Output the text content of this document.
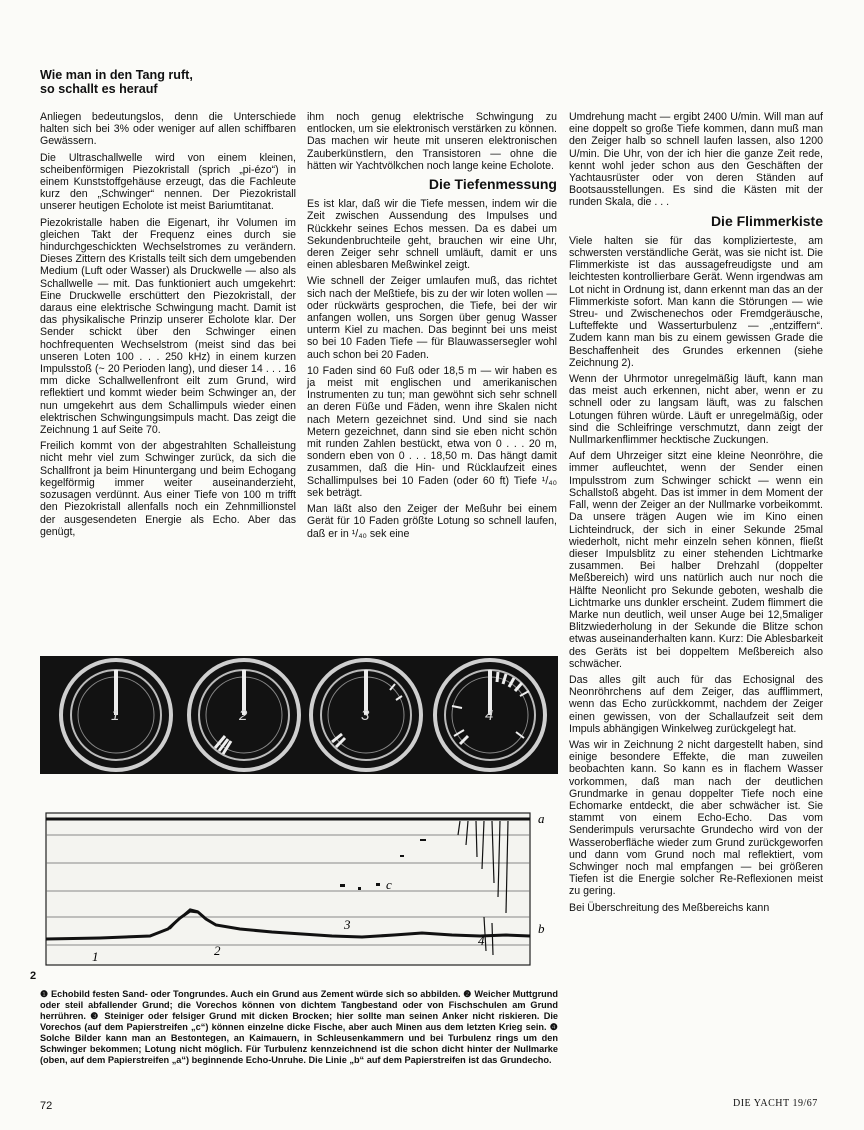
Wie man in den Tang ruft,
so schallt es herauf

Anliegen bedeutungslos, denn die Unterschiede halten sich bei 3% oder weniger auf allen schiffbaren Gewässern.

Die Ultraschallwelle wird von einem kleinen, scheibenförmigen Piezokristall (sprich „pi-ézo“) in einem Kunststoffgehäuse erzeugt, das die Fachleute kurz den „Schwinger“ nennen. Der Piezokristall unserer heutigen Echolote ist meist Bariumtitanat.

Piezokristalle haben die Eigenart, ihr Volumen im gleichen Takt der Frequenz eines durch sie hindurchgeschickten Wechselstromes zu verändern. Dieses Zittern des Kristalls teilt sich dem umgebenden Medium (Luft oder Wasser) als Druckwelle — also als Schallwelle — mit. Das funktioniert auch umgekehrt: Eine Druckwelle erschüttert den Piezokristall, der daraus eine elektrische Schwingung macht. Damit ist das physikalische Prinzip unserer Echolote klar. Der Sender schickt über den Schwinger einen hochfrequenten Wechselstrom (meist sind das bei unseren Loten 100 . . . 250 kHz) in einem kurzen Impulsstoß (~ 20 Perioden lang), und dieser 14 . . . 16 mm dicke Schallwellenfront eilt zum Grund, wird reflektiert und kommt wieder beim Schwinger an, der nun umgekehrt aus dem Schallimpuls wieder einen elektrischen Schwingungsimpuls macht. Das zeigt die Zeichnung 1 auf Seite 70.

Freilich kommt von der abgestrahlten Schalleistung nicht mehr viel zum Schwinger zurück, da sich die Schallfront ja beim Hinuntergang und beim Echogang kegelförmig immer weiter auseinanderzieht, sozusagen verdünnt. Aus einer Tiefe von 100 m trifft den Piezokristall allenfalls noch ein Zehnmillionstel der ausgesendeten Energie als Echo. Aber das genügt,

ihm noch genug elektrische Schwingung zu entlocken, um sie elektronisch verstärken zu können. Das machen wir heute mit unseren elektronischen Zauberkünstlern, den Transistoren — ohne die hätten wir Yachtvölkchen noch lange keine Echolote.

Die Tiefenmessung

Es ist klar, daß wir die Tiefe messen, indem wir die Zeit zwischen Aussendung des Impulses und Rückkehr seines Echos messen. Da es dabei um Sekundenbruchteile geht, brauchen wir eine Uhr, deren Zeiger sehr schnell umläuft, damit er uns einen ablesbaren Meßwinkel zeigt.

Wie schnell der Zeiger umlaufen muß, das richtet sich nach der Meßtiefe, bis zu der wir loten wollen — oder rückwärts gesprochen, die Tiefe, bei der wir anfangen wollen, uns Sorgen über genug Wasser unterm Kiel zu machen. Das beginnt bei uns meist so bei 10 Faden Tiefe — für Blauwassersegler wohl auch schon bei 20 Faden.

10 Faden sind 60 Fuß oder 18,5 m — wir haben es ja meist mit englischen und amerikanischen Instrumenten zu tun; man gewöhnt sich sehr schnell an deren Füße und Fäden, wenn ihre Skalen nicht nach Metern gezeichnet sind. Und sind sie nach Metern gezeichnet, dann sind sie eben nicht schön mit runden Zahlen bestückt, etwa von 0 . . . 20 m, sondern eben von 0 . . . 18,50 m. Das hängt damit zusammen, daß die Hin- und Rücklaufzeit eines Schallimpulses bei 10 Faden (oder 60 ft) Tiefe ¹/₄₀ sek beträgt.

Man läßt also den Zeiger der Meßuhr bei einem Gerät für 10 Faden größte Lotung so schnell laufen, daß er in ¹/₄₀ sek eine

Umdrehung macht — ergibt 2400 U/min. Will man auf eine doppelt so große Tiefe kommen, dann muß man den Zeiger halb so schnell laufen lassen, also 1200 U/min. Die Uhr, von der ich hier die ganze Zeit rede, kennt wohl jeder schon aus den Geschäften der Yachtausrüster oder von deren Ständen auf Bootsausstellungen. Es sind die Kästen mit der runden Skala, die . . .

Die Flimmerkiste

Viele halten sie für das komplizierteste, am schwersten verständliche Gerät, was sie nicht ist. Die Flimmerkiste ist das aussagefreudigste und am leichtesten kontrollierbare Gerät. Wenn irgendwas am Lot nicht in Ordnung ist, dann erkennt man das an der Flimmerkiste sofort. Man kann die Störungen — wie Streu- und Zwischenechos oder Fremdgeräusche, Lufteffekte und Wasserturbulenz — „entziffern“. Zudem kann man bis zu einem gewissen Grade die Beschaffenheit des Grundes erkennen (siehe Zeichnung 2).

Wenn der Uhrmotor unregelmäßig läuft, kann man das meist auch erkennen, nicht aber, wenn er zu schnell oder zu langsam läuft, was zu falschen Lotungen führen würde. Läuft er unregelmäßig, oder sind die Schleifringe verschmutzt, dann zeigt der Nullmarkenflimmer hecktische Zuckungen.

Auf dem Uhrzeiger sitzt eine kleine Neonröhre, die immer aufleuchtet, wenn der Sender einen Impulsstrom zum Schwinger schickt — wenn ein Schallstoß abgeht. Das ist immer in dem Moment der Fall, wenn der Zeiger an der Nullmarke vorbeikommt. Da unsere trägen Augen wie im Kino einen Lichteindruck, der sich in einer Sekunde 25mal wiederholt, nicht mehr einzeln sehen können, fließt dieser Impulsblitz zu einer stehenden Lichtmarke zusammen. Bei halber Drehzahl (doppelter Meßbereich) wird uns natürlich auch nur noch die Hälfte Neonlicht pro Sekunde geboten, weshalb die Lichtmarke uns dunkler erscheint. Zudem flimmert die Marke nun deutlich, weil unser Auge bei 12,5maliger Blitzwiederholung in der Sekunde die Blitze schon etwas auseinanderhalten kann. Kurz: Die Ablesbarkeit des Geräts ist bei doppeltem Meßbereich also schwächer.

Das alles gilt auch für das Echosignal des Neonröhrchens auf dem Zeiger, das aufflimmert, wenn das Echo zurückkommt, nachdem der Zeiger einen gewissen, von der Schallaufzeit seit dem Impuls abhängigen Winkelweg zurückgelegt hat.

Was wir in Zeichnung 2 nicht dargestellt haben, sind einige besondere Effekte, die man zuweilen beobachten kann. So kann es in flachem Wasser vorkommen, daß man nach der deutlichen Grundmarke in genau doppelter Tiefe noch eine Echomarke entdeckt, die aber schwächer ist. Sie stammt von einem Echo-Echo. Das vom Senderimpuls verursachte Grundecho wird von der Wasseroberfläche wieder zum Grund zurückgeworfen und dann vom Grund noch mal reflektiert, vom Schwinger noch mal empfangen — bei größeren Tiefen ist die Energie solcher Re-Reflexionen meist zu gering.

Bei Überschreitung des Meßbereichs kann

1	2	3	4
a
b
c
1	2
3
4
2
❶ Echobild festen Sand- oder Tongrundes. Auch ein Grund aus Zement würde sich so abbilden. ❷ Weicher Muttgrund oder steil abfallender Grund; die Vorechos können von dichtem Tangbestand oder von Fischschulen am Grund herrühren. ❸ Steiniger oder felsiger Grund mit dicken Brocken; hier sollte man seinen Anker nicht riskieren. Die Vorechos (auf dem Papierstreifen „c“) können einzelne dicke Fische, aber auch Minen aus dem letzten Krieg sein. ❹ Solche Bilder kann man an Bestontegen, an Kaimauern, in Schleusenkammern und bei Turbulenz rings um den Schwinger bekommen; Lotung nicht möglich. Für Turbulenz kennzeichnend ist die schon dicht hinter der Nullmarke (oben, auf dem Papierstreifen „a“) beginnende Echo-Unruhe. Die Linie „b“ auf dem Papierstreifen ist das Grundecho.
72	DIE YACHT 19/67
